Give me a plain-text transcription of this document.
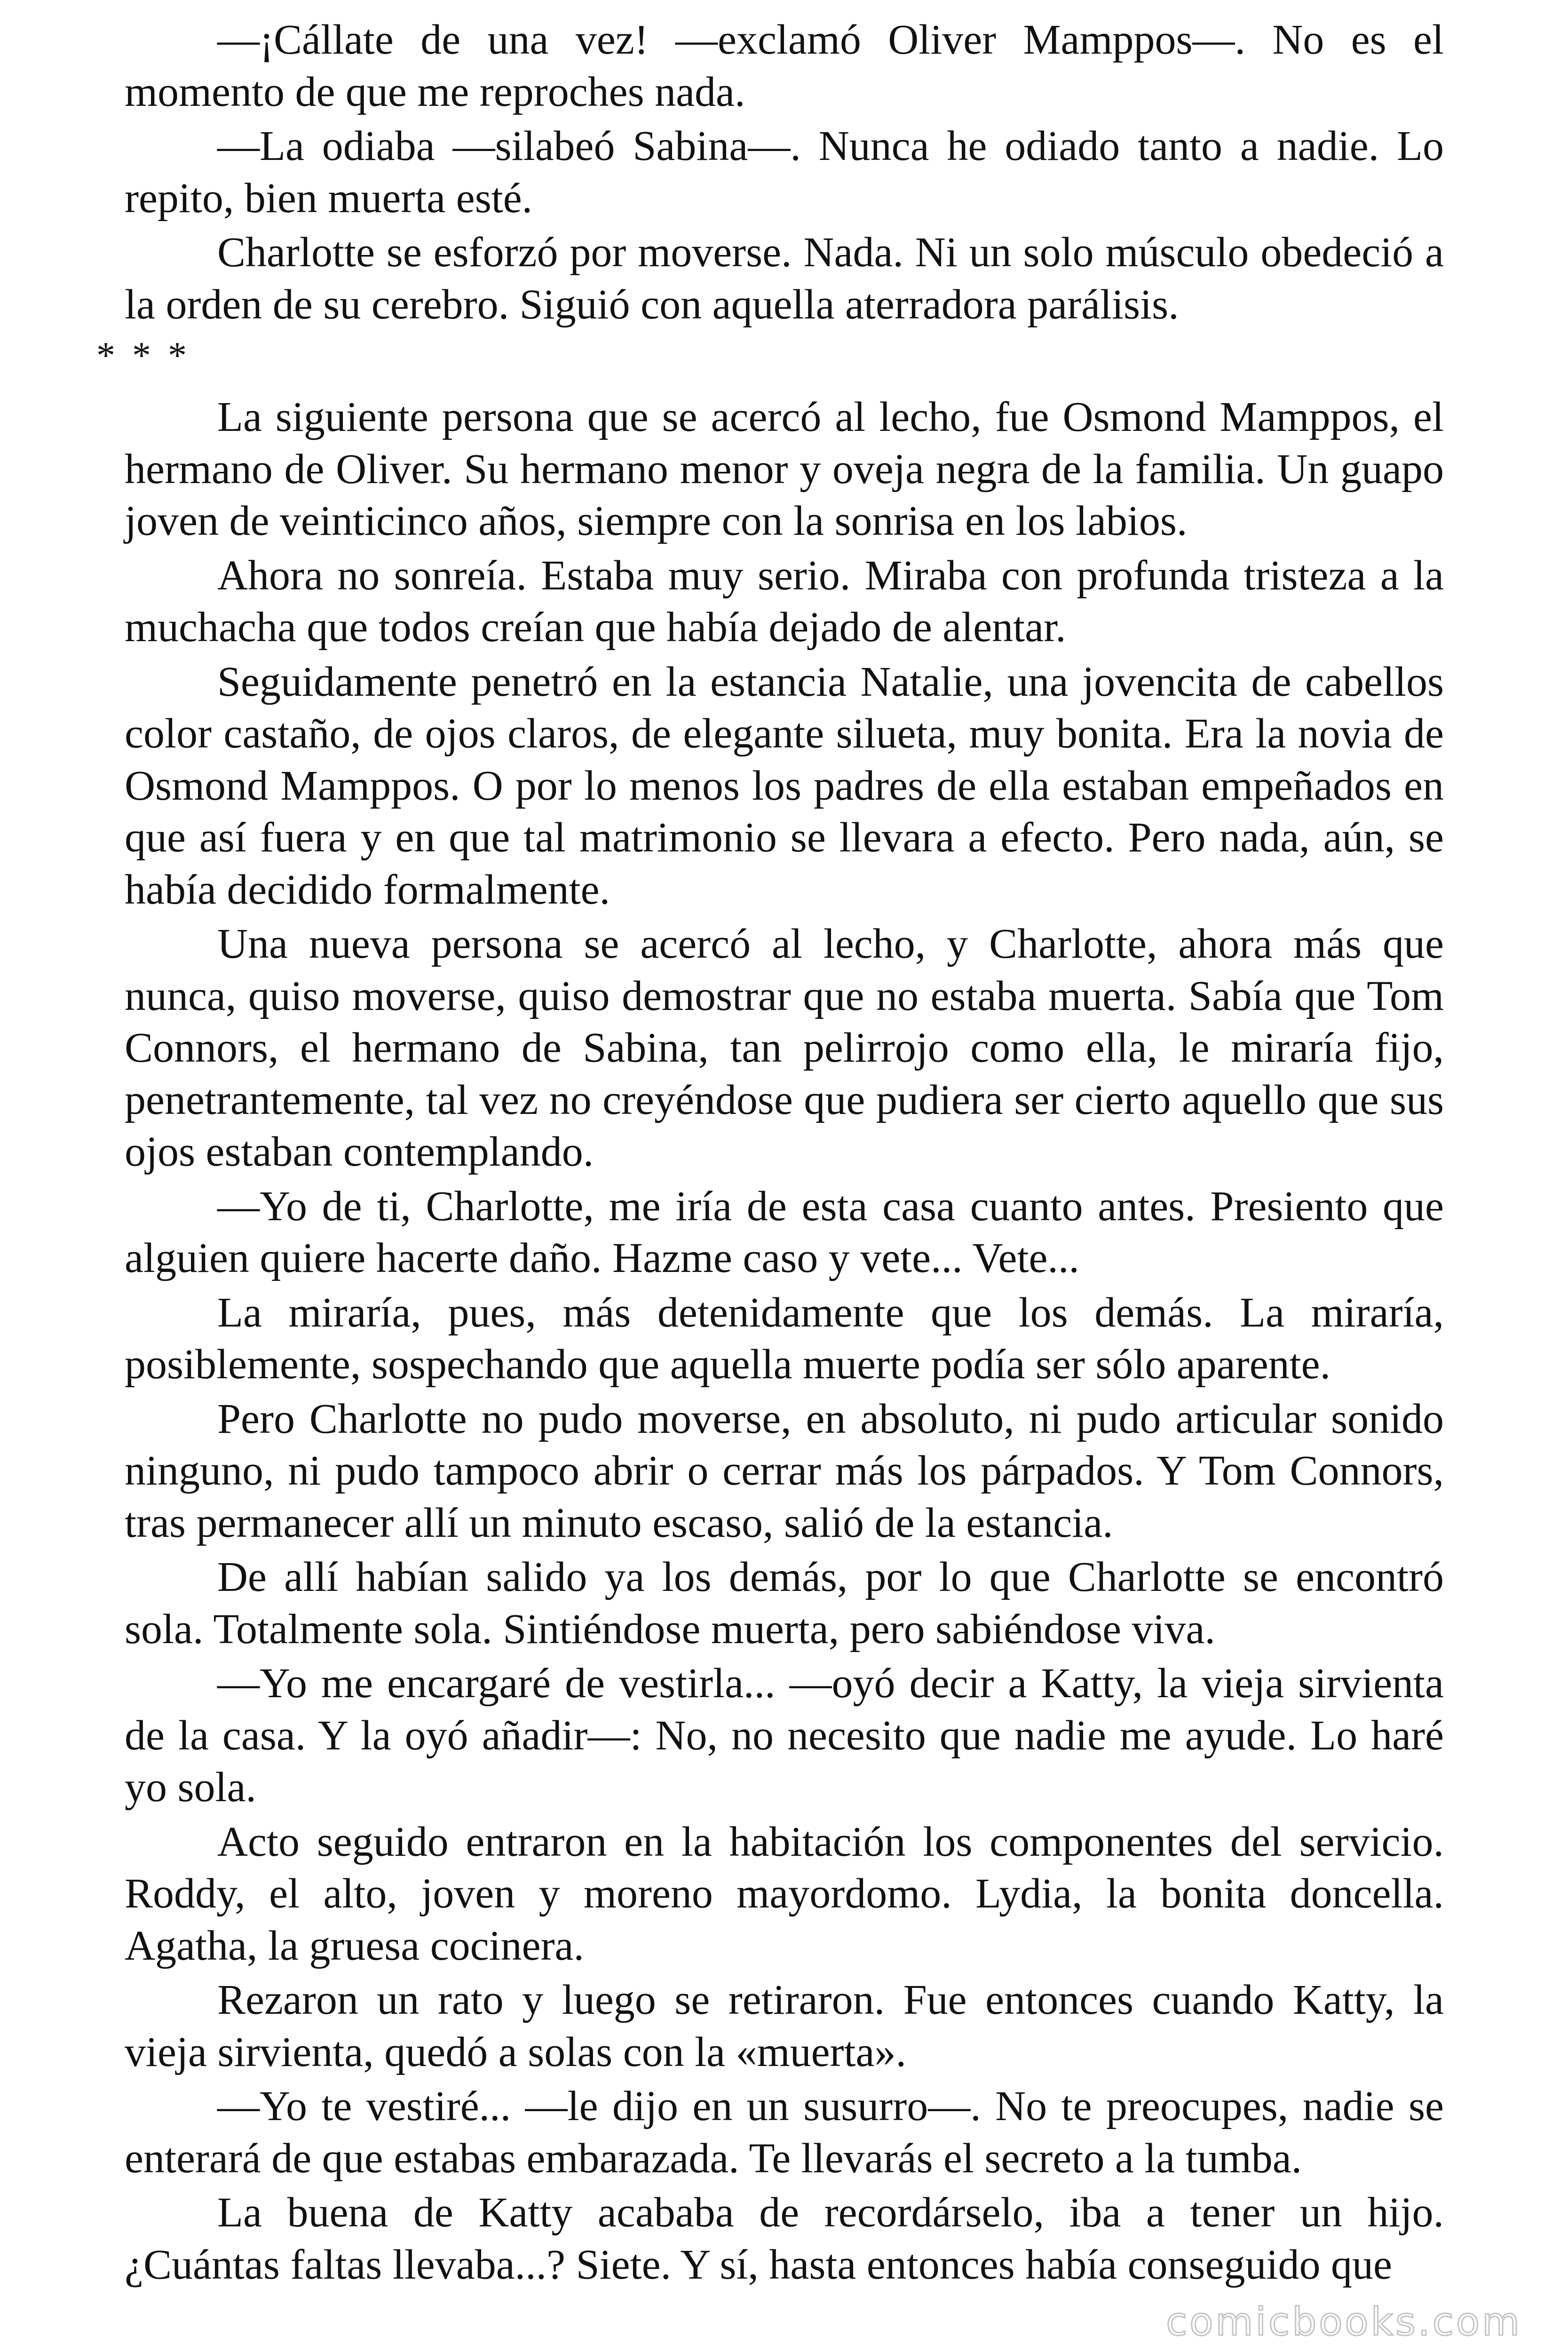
—¡Cállate de una vez! —exclamó Oliver Mamppos—. No es el momento de que me reproches nada.

—La odiaba —silabeó Sabina—. Nunca he odiado tanto a nadie. Lo repito, bien muerta esté.

Charlotte se esforzó por moverse. Nada. Ni un solo músculo obedeció a la orden de su cerebro. Siguió con aquella aterradora parálisis.

* * *

La siguiente persona que se acercó al lecho, fue Osmond Mamppos, el hermano de Oliver. Su hermano menor y oveja negra de la familia. Un guapo joven de veinticinco años, siempre con la sonrisa en los labios.

Ahora no sonreía. Estaba muy serio. Miraba con profunda tristeza a la muchacha que todos creían que había dejado de alentar.

Seguidamente penetró en la estancia Natalie, una jovencita de cabellos color castaño, de ojos claros, de elegante silueta, muy bonita. Era la novia de Osmond Mamppos. O por lo menos los padres de ella estaban empeñados en que así fuera y en que tal matrimonio se llevara a efecto. Pero nada, aún, se había decidido formalmente.

Una nueva persona se acercó al lecho, y Charlotte, ahora más que nunca, quiso moverse, quiso demostrar que no estaba muerta. Sabía que Tom Connors, el hermano de Sabina, tan pelirrojo como ella, le miraría fijo, penetrantemente, tal vez no creyéndose que pudiera ser cierto aquello que sus ojos estaban contemplando.

—Yo de ti, Charlotte, me iría de esta casa cuanto antes. Presiento que alguien quiere hacerte daño. Hazme caso y vete... Vete...

La miraría, pues, más detenidamente que los demás. La miraría, posiblemente, sospechando que aquella muerte podía ser sólo aparente.

Pero Charlotte no pudo moverse, en absoluto, ni pudo articular sonido ninguno, ni pudo tampoco abrir o cerrar más los párpados. Y Tom Connors, tras permanecer allí un minuto escaso, salió de la estancia.

De allí habían salido ya los demás, por lo que Charlotte se encontró sola. Totalmente sola. Sintiéndose muerta, pero sabiéndose viva.

—Yo me encargaré de vestirla... —oyó decir a Katty, la vieja sirvienta de la casa. Y la oyó añadir—: No, no necesito que nadie me ayude. Lo haré yo sola.

Acto seguido entraron en la habitación los componentes del servicio. Roddy, el alto, joven y moreno mayordomo. Lydia, la bonita doncella. Agatha, la gruesa cocinera.

Rezaron un rato y luego se retiraron. Fue entonces cuando Katty, la vieja sirvienta, quedó a solas con la «muerta».

—Yo te vestiré... —le dijo en un susurro—. No te preocupes, nadie se enterará de que estabas embarazada. Te llevarás el secreto a la tumba.

La buena de Katty acababa de recordárselo, iba a tener un hijo. ¿Cuántas faltas llevaba...? Siete. Y sí, hasta entonces había conseguido que

comicbooks.com
